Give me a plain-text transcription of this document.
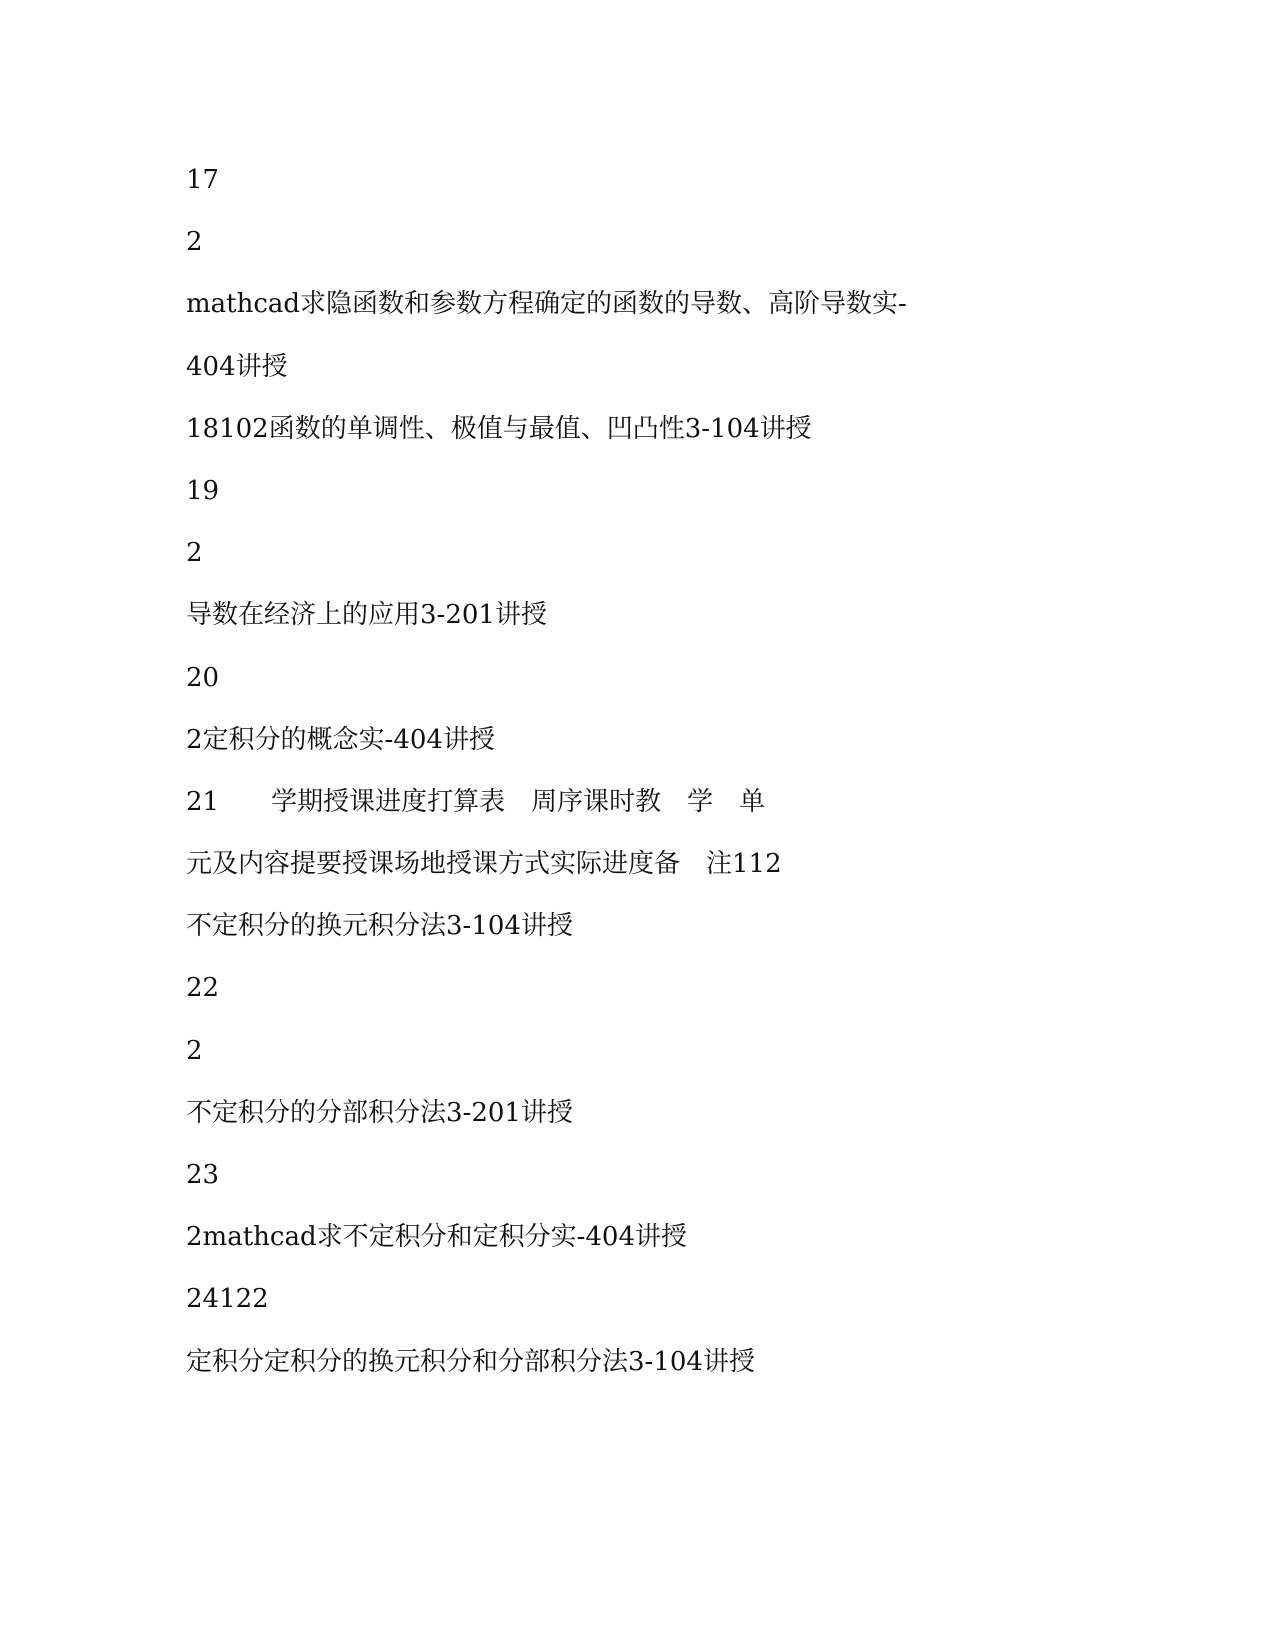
17
2
mathcad求隐函数和参数方程确定的函数的导数、高阶导数实-
404讲授
18102函数的单调性、极值与最值、凹凸性3-104讲授
19
2
导数在经济上的应用3-201讲授
20
2定积分的概念实-404讲授
21　　学期授课进度打算表　周序课时教　学　单
元及内容提要授课场地授课方式实际进度备　注112
不定积分的换元积分法3-104讲授
22
2
不定积分的分部积分法3-201讲授
23
2mathcad求不定积分和定积分实-404讲授
24122
定积分定积分的换元积分和分部积分法3-104讲授
